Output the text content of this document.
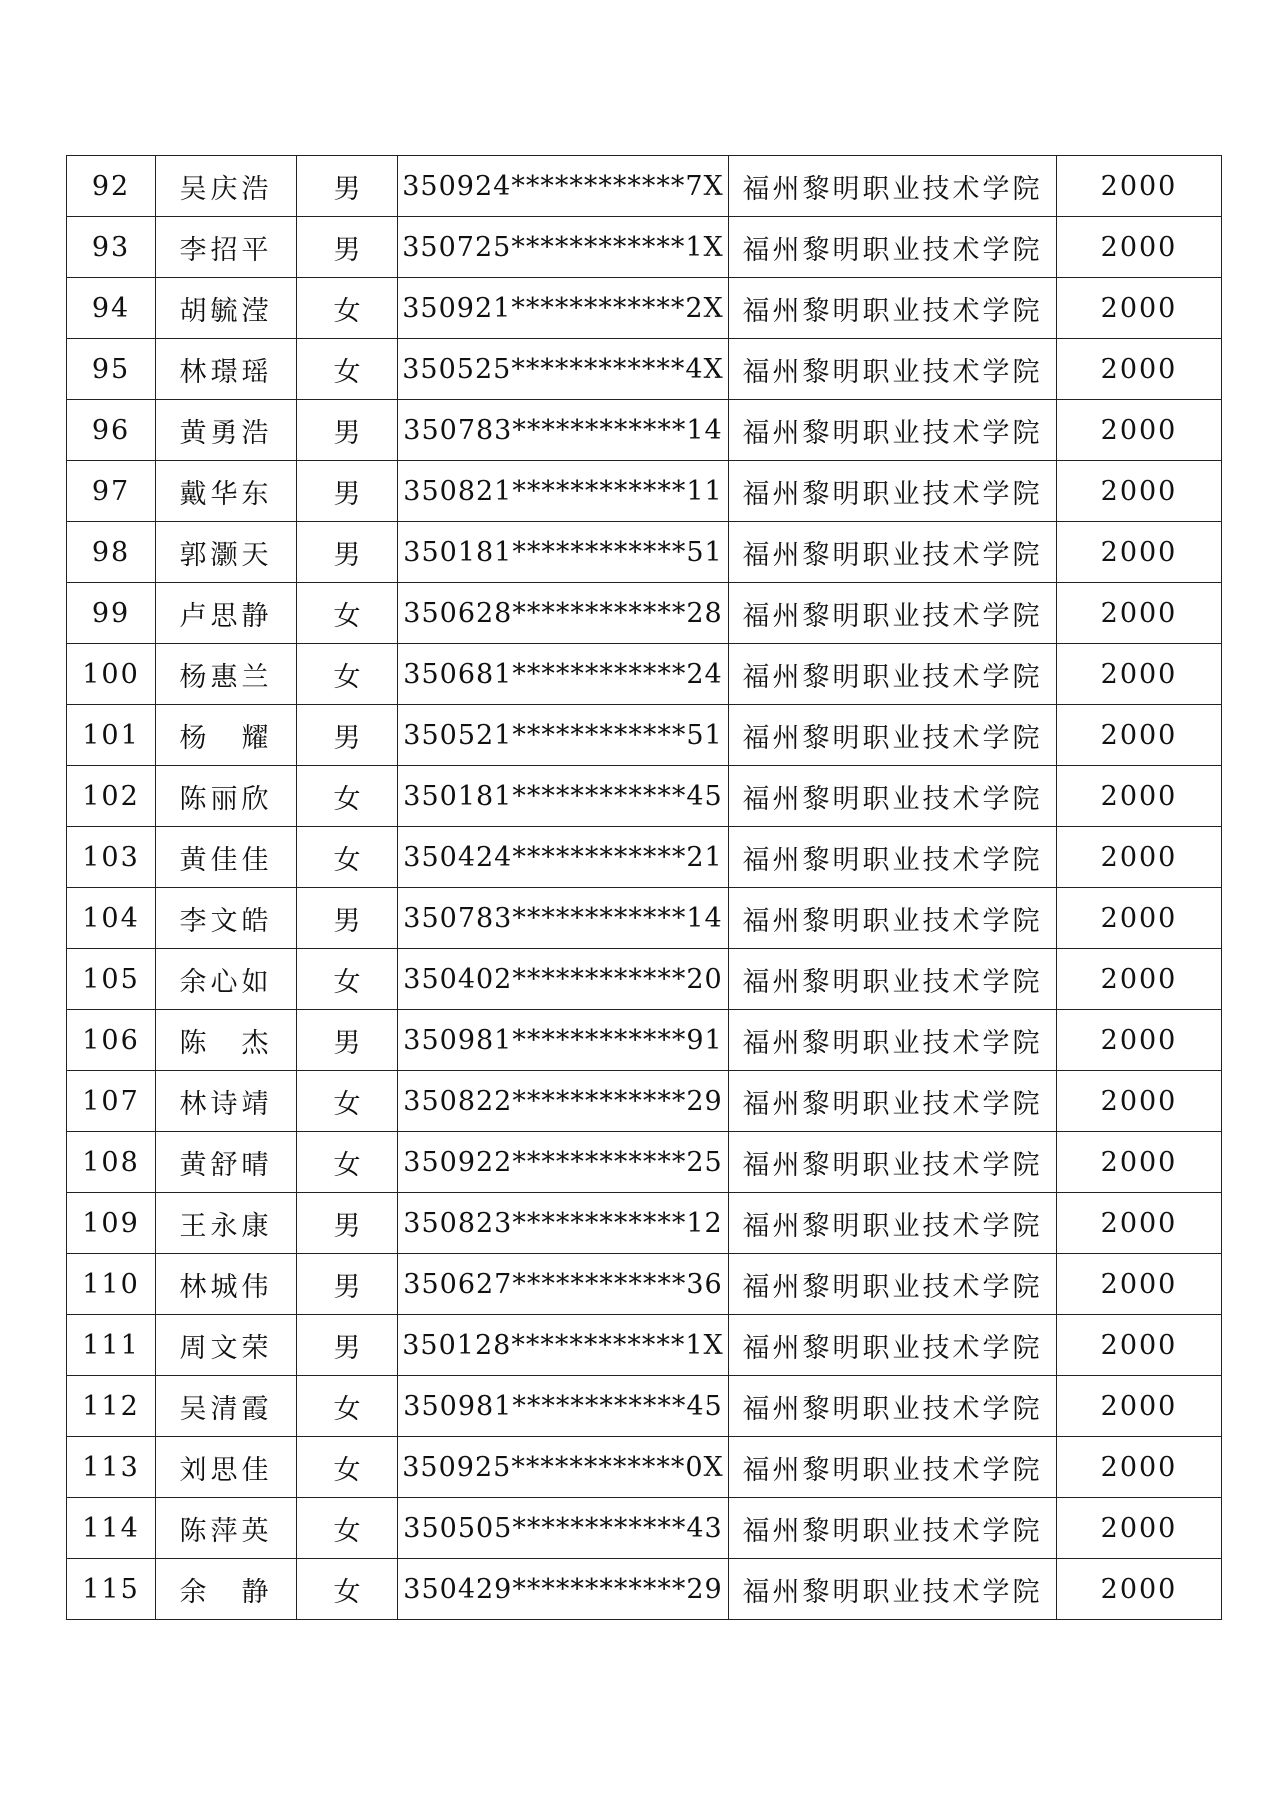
92	吴庆浩	男	350924************7X	福州黎明职业技术学院	2000
93	李招平	男	350725************1X	福州黎明职业技术学院	2000
94	胡毓滢	女	350921************2X	福州黎明职业技术学院	2000
95	林璟瑶	女	350525************4X	福州黎明职业技术学院	2000
96	黄勇浩	男	350783************14	福州黎明职业技术学院	2000
97	戴华东	男	350821************11	福州黎明职业技术学院	2000
98	郭灏天	男	350181************51	福州黎明职业技术学院	2000
99	卢思静	女	350628************28	福州黎明职业技术学院	2000
100	杨惠兰	女	350681************24	福州黎明职业技术学院	2000
101	杨　耀	男	350521************51	福州黎明职业技术学院	2000
102	陈丽欣	女	350181************45	福州黎明职业技术学院	2000
103	黄佳佳	女	350424************21	福州黎明职业技术学院	2000
104	李文皓	男	350783************14	福州黎明职业技术学院	2000
105	余心如	女	350402************20	福州黎明职业技术学院	2000
106	陈　杰	男	350981************91	福州黎明职业技术学院	2000
107	林诗靖	女	350822************29	福州黎明职业技术学院	2000
108	黄舒晴	女	350922************25	福州黎明职业技术学院	2000
109	王永康	男	350823************12	福州黎明职业技术学院	2000
110	林城伟	男	350627************36	福州黎明职业技术学院	2000
111	周文荣	男	350128************1X	福州黎明职业技术学院	2000
112	吴清霞	女	350981************45	福州黎明职业技术学院	2000
113	刘思佳	女	350925************0X	福州黎明职业技术学院	2000
114	陈萍英	女	350505************43	福州黎明职业技术学院	2000
115	余　静	女	350429************29	福州黎明职业技术学院	2000
